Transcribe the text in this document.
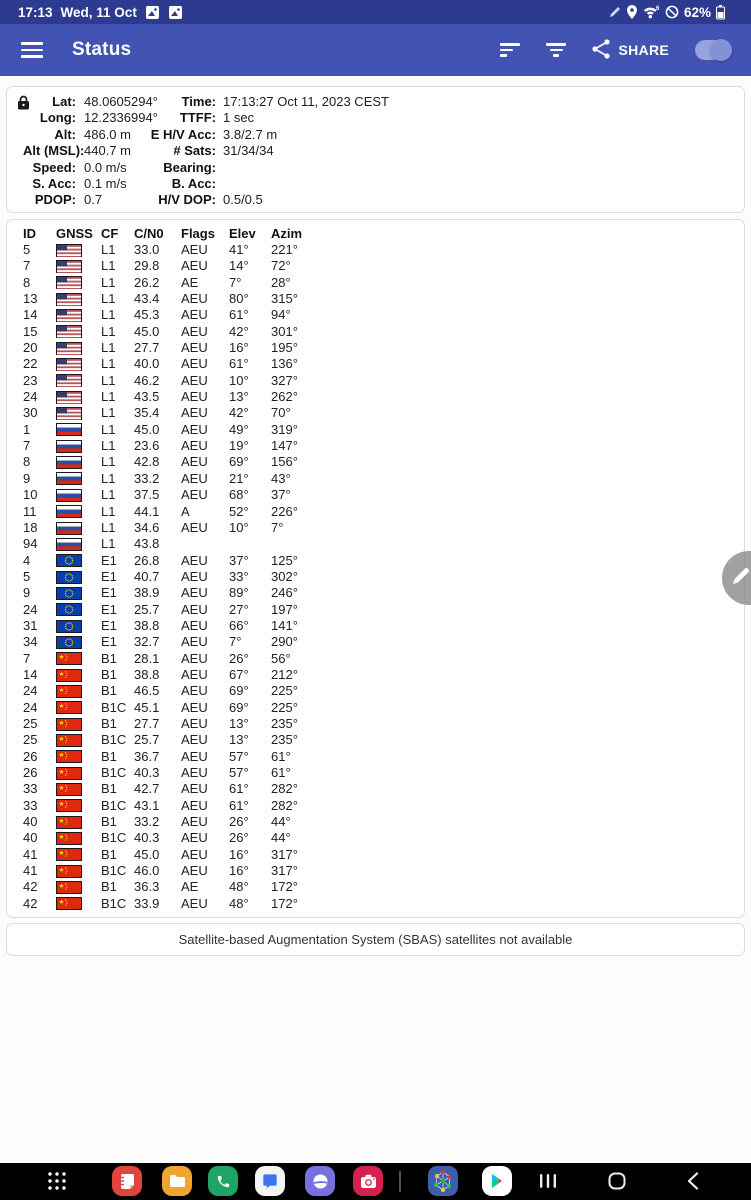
17:13 Wed, 11 Oct	6 62%
Status	SHARE
Lat: 48.0605294°	Time: 17:13:27 Oct 11, 2023 CEST
Long: 12.2336994°	TTFF: 1 sec
Alt: 486.0 m	E H/V Acc: 3.8/2.7 m
Alt (MSL): 440.7 m	# Sats: 31/34/34
Speed: 0.0 m/s	Bearing:
S. Acc: 0.1 m/s	B. Acc:
PDOP: 0.7	H/V DOP: 0.5/0.5
ID	GNSS CF	C/N0	Flags	Elev	Azim
5	L1	33.0	AEU	41°	221°
7	L1	29.8	AEU	14°	72°
8	L1	26.2	AE	7°	28°
13	L1	43.4	AEU	80°	315°
14	L1	45.3	AEU	61°	94°
15	L1	45.0	AEU	42°	301°
20	L1	27.7	AEU	16°	195°
22	L1	40.0	AEU	61°	136°
23	L1	46.2	AEU	10°	327°
24	L1	43.5	AEU	13°	262°
30	L1	35.4	AEU	42°	70°
1	L1	45.0	AEU	49°	319°
7	L1	23.6	AEU	19°	147°
8	L1	42.8	AEU	69°	156°
9	L1	33.2	AEU	21°	43°
10	L1	37.5	AEU	68°	37°
11	L1	44.1	A	52°	226°
18	L1	34.6	AEU	10°	7°
94	L1	43.8
4	E1	26.8	AEU	37°	125°
5	E1	40.7	AEU	33°	302°
9	E1	38.9	AEU	89°	246°
24	E1	25.7	AEU	27°	197°
31	E1	38.8	AEU	66°	141°
34	E1	32.7	AEU	7°	290°
7	B1	28.1	AEU	26°	56°
14	B1	38.8	AEU	67°	212°
24	B1	46.5	AEU	69°	225°
24	B1C 45.1	AEU	69°	225°
25	B1	27.7	AEU	13°	235°
25	B1C 25.7	AEU	13°	235°
26	B1	36.7	AEU	57°	61°
26	B1C 40.3	AEU	57°	61°
33	B1	42.7	AEU	61°	282°
33	B1C 43.1	AEU	61°	282°
40	B1	33.2	AEU	26°	44°
40	B1C 40.3	AEU	26°	44°
41	B1	45.0	AEU	16°	317°
41	B1C 46.0	AEU	16°	317°
42	B1	36.3	AE	48°	172°
42	B1C 33.9	AEU	48°	172°
Satellite-based Augmentation System (SBAS) satellites not available
